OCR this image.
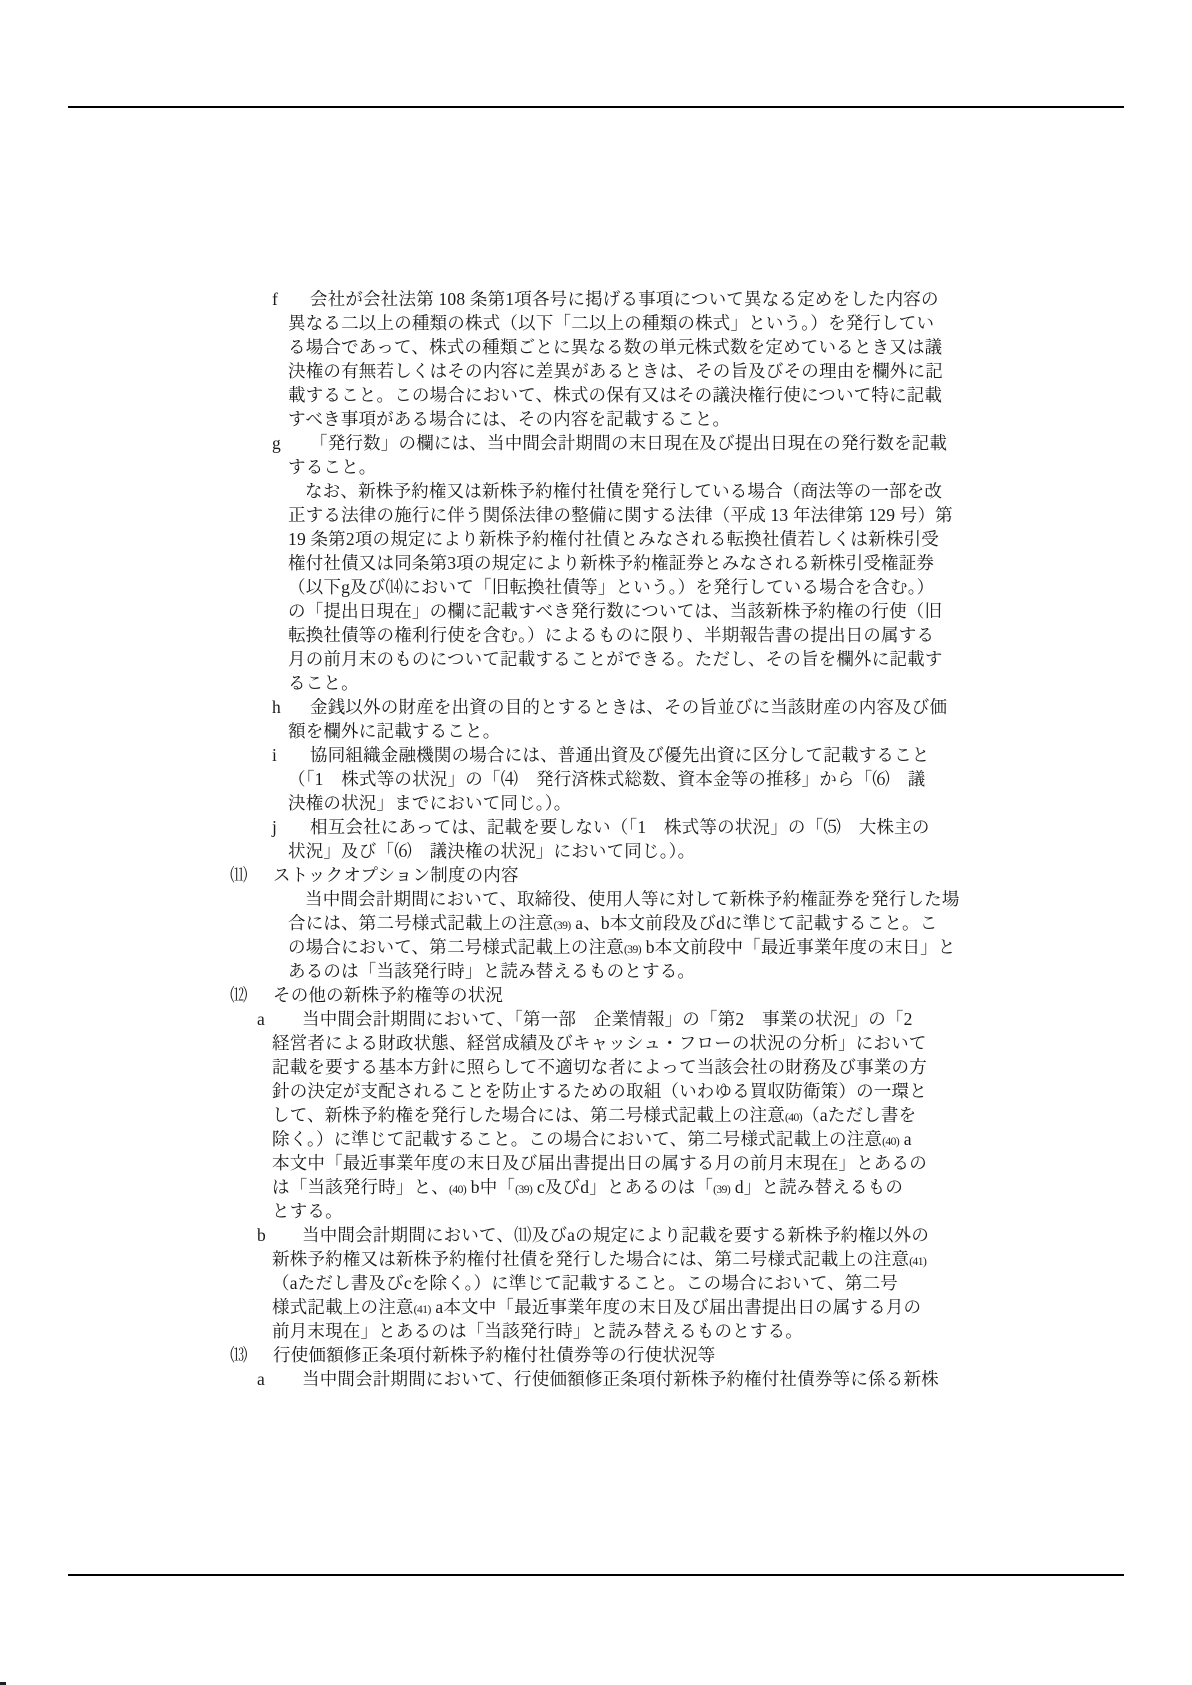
f	会社が会社法第 108 条第1項各号に掲げる事項について異なる定めをした内容の
異なる二以上の種類の株式（以下「二以上の種類の株式」という。）を発行してい
る場合であって、株式の種類ごとに異なる数の単元株式数を定めているとき又は議
決権の有無若しくはその内容に差異があるときは、その旨及びその理由を欄外に記
載すること。この場合において、株式の保有又はその議決権行使について特に記載
すべき事項がある場合には、その内容を記載すること。
g	「発行数」の欄には、当中間会計期間の末日現在及び提出日現在の発行数を記載
すること。
なお、新株予約権又は新株予約権付社債を発行している場合（商法等の一部を改
正する法律の施行に伴う関係法律の整備に関する法律（平成 13 年法律第 129 号）第
19 条第2項の規定により新株予約権付社債とみなされる転換社債若しくは新株引受
権付社債又は同条第3項の規定により新株予約権証券とみなされる新株引受権証券
（以下g及び⒁において「旧転換社債等」という。）を発行している場合を含む。）
の「提出日現在」の欄に記載すべき発行数については、当該新株予約権の行使（旧
転換社債等の権利行使を含む。）によるものに限り、半期報告書の提出日の属する
月の前月末のものについて記載することができる。ただし、その旨を欄外に記載す
ること。
h	金銭以外の財産を出資の目的とするときは、その旨並びに当該財産の内容及び価
額を欄外に記載すること。
i	協同組織金融機関の場合には、普通出資及び優先出資に区分して記載すること
（「1　株式等の状況」の「⑷　発行済株式総数、資本金等の推移」から「⑹　議
決権の状況」までにおいて同じ。）。
j	相互会社にあっては、記載を要しない（「1　株式等の状況」の「⑸　大株主の
状況」及び「⑹　議決権の状況」において同じ。）。
⑾	ストックオプション制度の内容
当中間会計期間において、取締役、使用人等に対して新株予約権証券を発行した場
合には、第二号様式記載上の注意(39) a、b本文前段及びdに準じて記載すること。こ
の場合において、第二号様式記載上の注意(39) b本文前段中「最近事業年度の末日」と
あるのは「当該発行時」と読み替えるものとする。
⑿	その他の新株予約権等の状況
a	当中間会計期間において、「第一部　企業情報」の「第2　事業の状況」の「2
経営者による財政状態、経営成績及びキャッシュ・フローの状況の分析」において
記載を要する基本方針に照らして不適切な者によって当該会社の財務及び事業の方
針の決定が支配されることを防止するための取組（いわゆる買収防衛策）の一環と
して、新株予約権を発行した場合には、第二号様式記載上の注意(40)（aただし書を
除く。）に準じて記載すること。この場合において、第二号様式記載上の注意(40) a
本文中「最近事業年度の末日及び届出書提出日の属する月の前月末現在」とあるの
は「当該発行時」と、(40) b中「(39) c及びd」とあるのは「(39) d」と読み替えるもの
とする。
b	当中間会計期間において、⑾及びaの規定により記載を要する新株予約権以外の
新株予約権又は新株予約権付社債を発行した場合には、第二号様式記載上の注意(41)
（aただし書及びcを除く。）に準じて記載すること。この場合において、第二号
様式記載上の注意(41) a本文中「最近事業年度の末日及び届出書提出日の属する月の
前月末現在」とあるのは「当該発行時」と読み替えるものとする。
⒀	行使価額修正条項付新株予約権付社債券等の行使状況等
a	当中間会計期間において、行使価額修正条項付新株予約権付社債券等に係る新株
